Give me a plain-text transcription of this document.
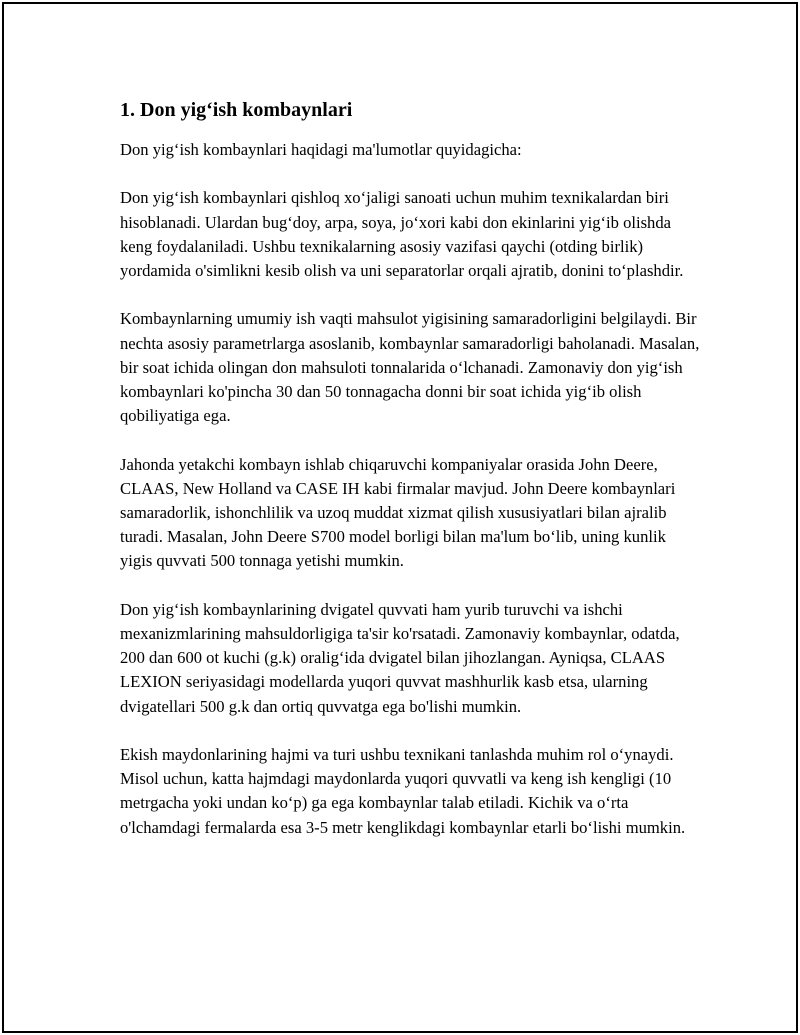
1. Don yig‘ish kombaynlari

Don yig‘ish kombaynlari haqidagi ma'lumotlar quyidagicha:

Don yig‘ish kombaynlari qishloq xo‘jaligi sanoati uchun muhim texnikalardan biri hisoblanadi. Ulardan bug‘doy, arpa, soya, jo‘xori kabi don ekinlarini yig‘ib olishda keng foydalaniladi. Ushbu texnikalarning asosiy vazifasi qaychi (otding birlik) yordamida o'simlikni kesib olish va uni separatorlar orqali ajratib, donini to‘plashdir.

Kombaynlarning umumiy ish vaqti mahsulot yigisining samaradorligini belgilaydi. Bir nechta asosiy parametrlarga asoslanib, kombaynlar samaradorligi baholanadi. Masalan, bir soat ichida olingan don mahsuloti tonnalarida o‘lchanadi. Zamonaviy don yig‘ish kombaynlari ko'pincha 30 dan 50 tonnagacha donni bir soat ichida yig‘ib olish qobiliyatiga ega.

Jahonda yetakchi kombayn ishlab chiqaruvchi kompaniyalar orasida John Deere, CLAAS, New Holland va CASE IH kabi firmalar mavjud. John Deere kombaynlari samaradorlik, ishonchlilik va uzoq muddat xizmat qilish xususiyatlari bilan ajralib turadi. Masalan, John Deere S700 model borligi bilan ma'lum bo‘lib, uning kunlik yigis quvvati 500 tonnaga yetishi mumkin.

Don yig‘ish kombaynlarining dvigatel quvvati ham yurib turuvchi va ishchi mexanizmlarining mahsuldorligiga ta'sir ko'rsatadi. Zamonaviy kombaynlar, odatda, 200 dan 600 ot kuchi (g.k) oralig‘ida dvigatel bilan jihozlangan. Ayniqsa, CLAAS LEXION seriyasidagi modellarda yuqori quvvat mashhurlik kasb etsa, ularning dvigatellari 500 g.k dan ortiq quvvatga ega bo'lishi mumkin.

Ekish maydonlarining hajmi va turi ushbu texnikani tanlashda muhim rol o‘ynaydi. Misol uchun, katta hajmdagi maydonlarda yuqori quvvatli va keng ish kengligi (10 metrgacha yoki undan ko‘p) ga ega kombaynlar talab etiladi. Kichik va o‘rta o'lchamdagi fermalarda esa 3-5 metr kenglikdagi kombaynlar etarli bo‘lishi mumkin.
